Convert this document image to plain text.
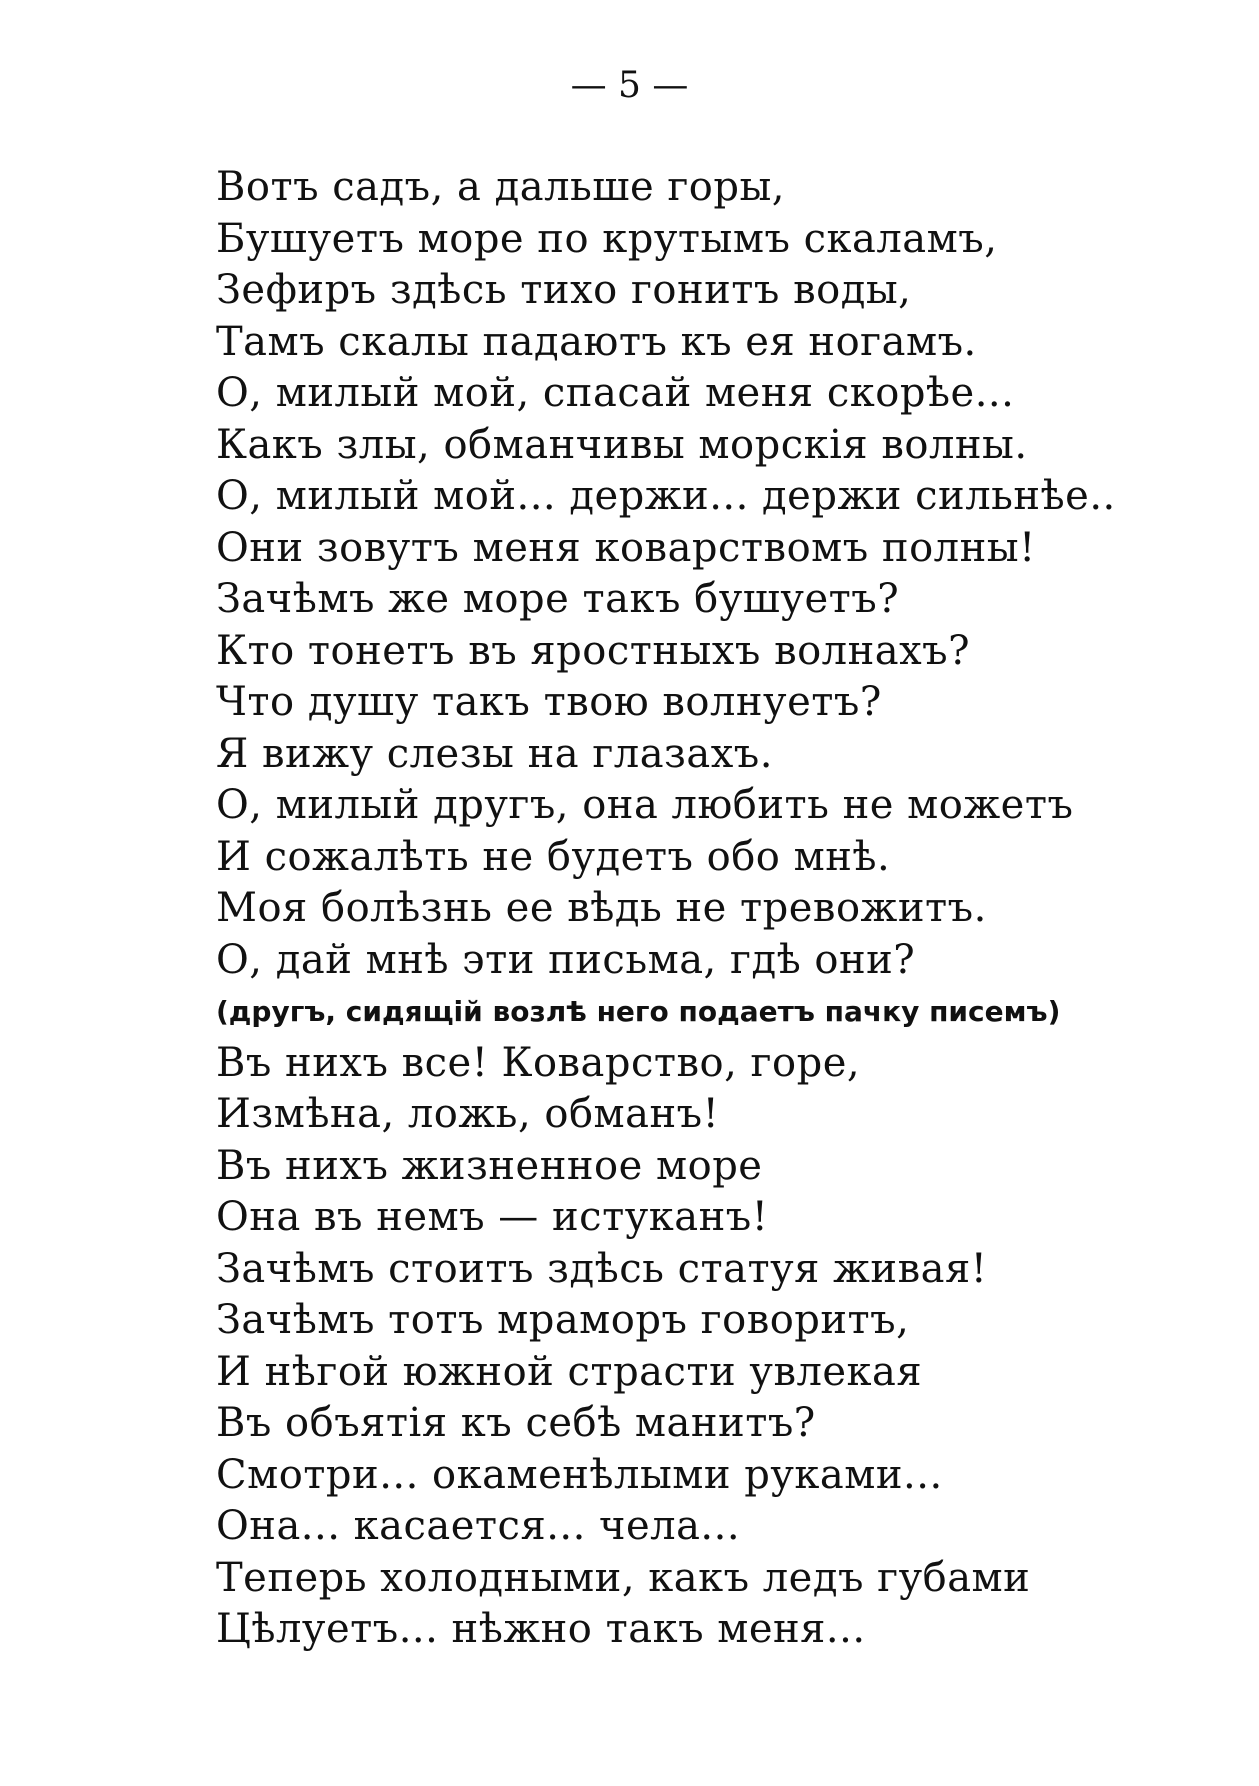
— 5 —
Вотъ садъ, а дальше горы,
Бушуетъ море по крутымъ скаламъ,
Зефиръ здѣсь тихо гонитъ воды,
Тамъ скалы падаютъ къ ея ногамъ.
О, милый мой, спасай меня скорѣе...
Какъ злы, обманчивы морскія волны.
О, милый мой... держи... держи сильнѣе..
Они зовутъ меня коварствомъ полны!
Зачѣмъ же море такъ бушуетъ?
Кто тонетъ въ яростныхъ волнахъ?
Что душу такъ твою волнуетъ?
Я вижу слезы на глазахъ.
О, милый другъ, она любить не можетъ
И сожалѣть не будетъ обо мнѣ.
Моя болѣзнь ее вѣдь не тревожитъ.
О, дай мнѣ эти письма, гдѣ они?
(другъ, сидящій возлѣ него подаетъ пачку писемъ)
Въ нихъ все! Коварство, горе,
Измѣна, ложь, обманъ!
Въ нихъ жизненное море
Она въ немъ — истуканъ!
Зачѣмъ стоитъ здѣсь статуя живая!
Зачѣмъ тотъ мраморъ говоритъ,
И нѣгой южной страсти увлекая
Въ объятія къ себѣ манитъ?
Смотри... окаменѣлыми руками...
Она... касается... чела...
Теперь холодными, какъ ледъ губами
Цѣлуетъ... нѣжно такъ меня...
